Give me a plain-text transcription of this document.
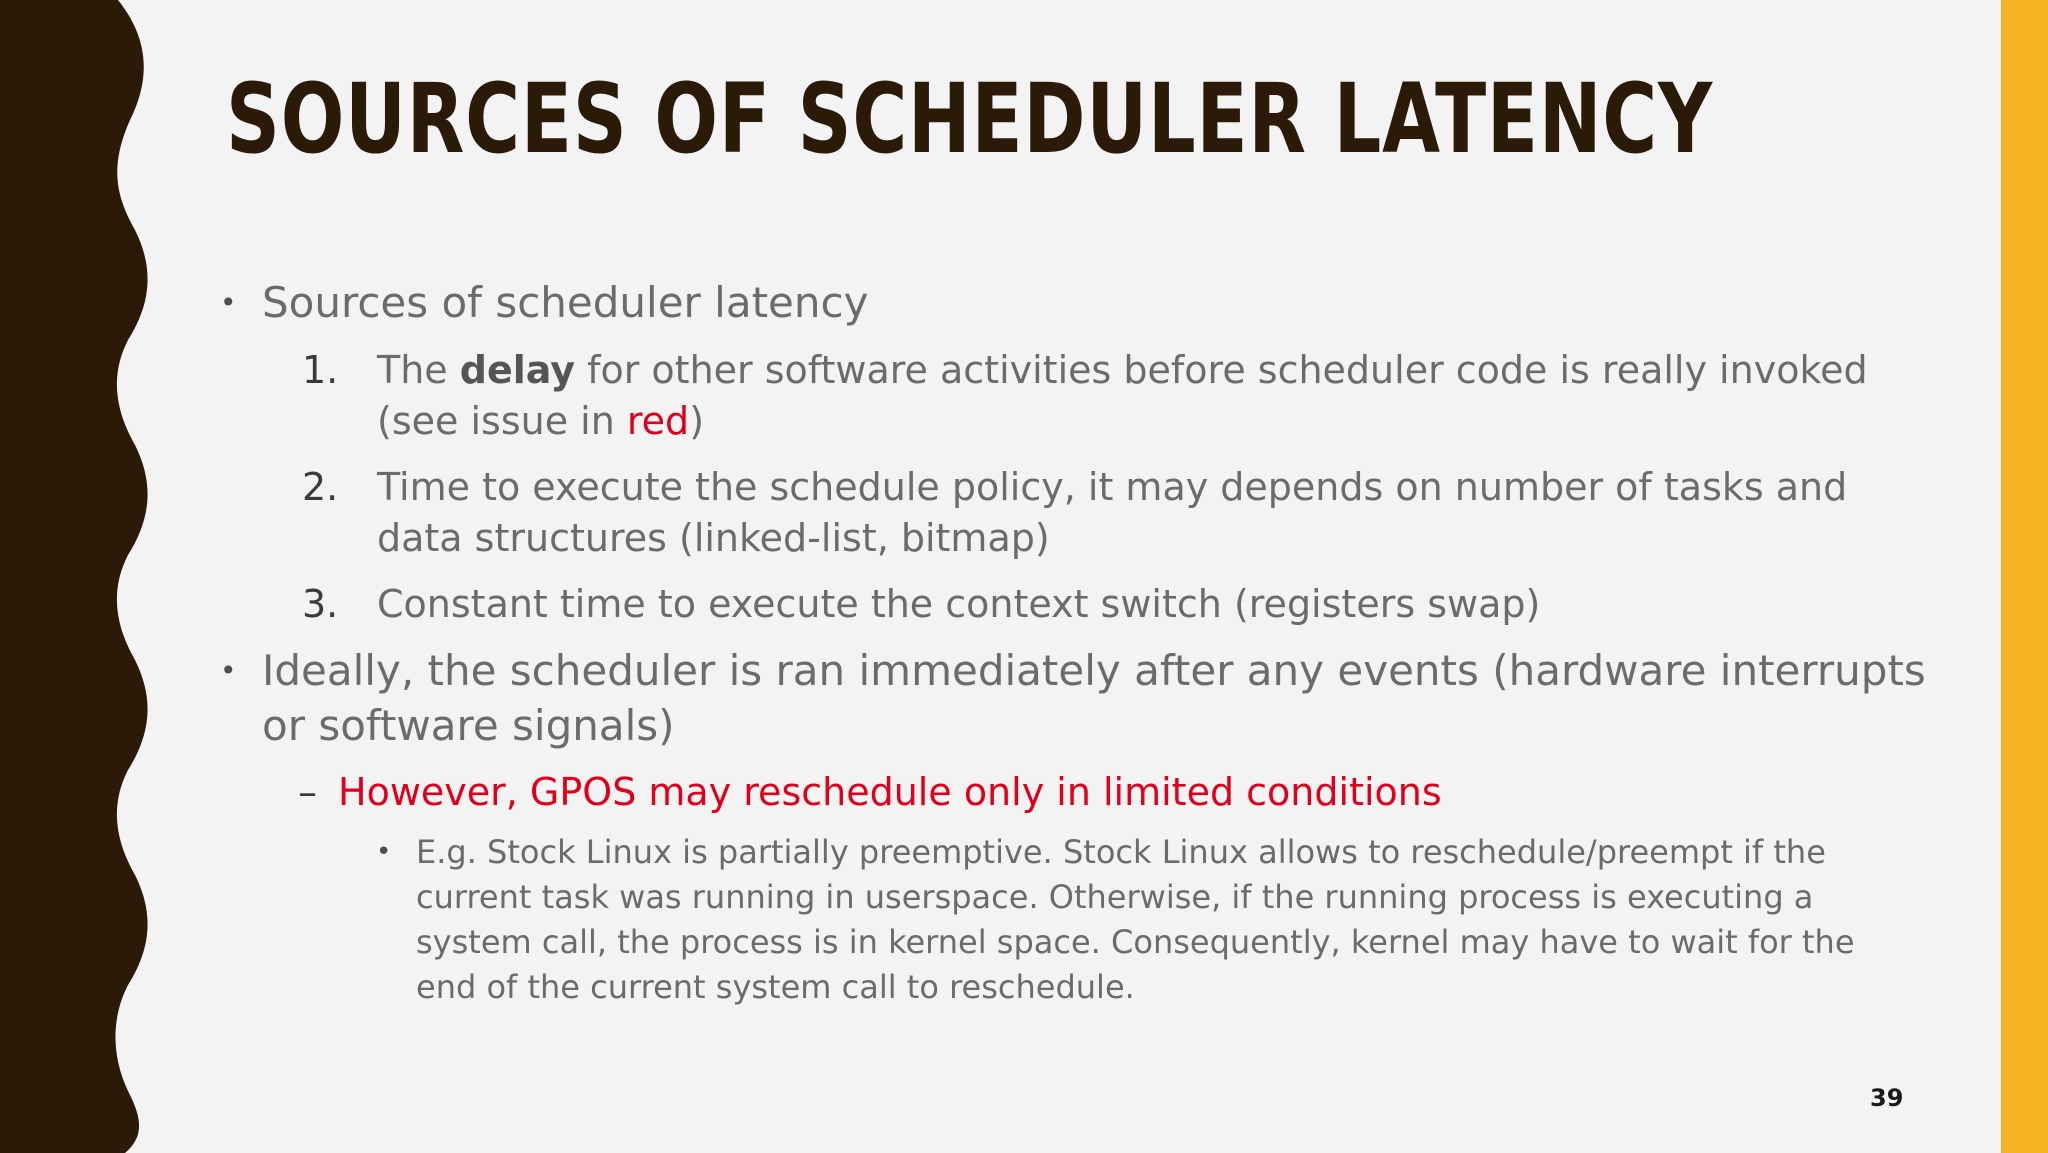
SOURCES OF SCHEDULER LATENCY
• Sources of scheduler latency
1. The delay for other software activities before scheduler code is really invoked (see issue in red)
2. Time to execute the schedule policy, it may depends on number of tasks and data structures (linked-list, bitmap)
3. Constant time to execute the context switch (registers swap)
• Ideally, the scheduler is ran immediately after any events (hardware interrupts or software signals)
– However, GPOS may reschedule only in limited conditions
• E.g. Stock Linux is partially preemptive. Stock Linux allows to reschedule/preempt if the current task was running in userspace. Otherwise, if the running process is executing a system call, the process is in kernel space. Consequently, kernel may have to wait for the end of the current system call to reschedule.
39
